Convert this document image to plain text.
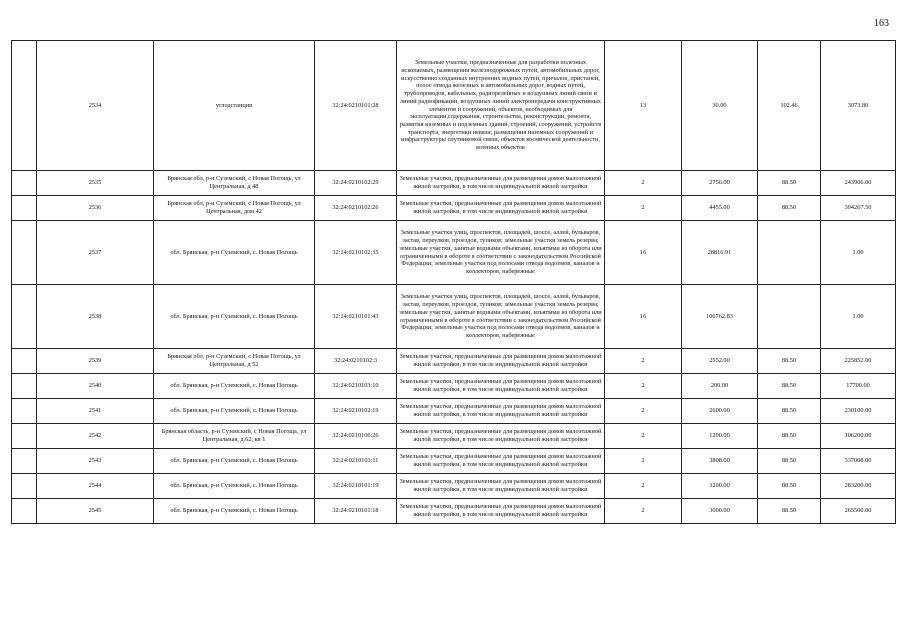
163
	2534	углодстанция	32:24:0210101:28	Земельные участки, предназначенные для разработки полезных ископаемых, размещения железнодорожных путей, автомобильных дорог, искусственно созданных внутренних водных путей, причалов, пристаней, полос отвода железных и автомобильных дорог, водных путей, трубопроводов, кабельных, радиорелейных и воздушных линий связи и линий радиофикации, воздушных линий электропередачи конструктивных элементов и сооружений, объектов, необходимых для эксплуатации,содержания, строительства, реконструкции, ремонта, развития наземных и подземных зданий, строений, сооружений, устройств транспорта, энергетики иевязи; размещения наземных сооружений и инфраструктуры спутниковой связи, объектов космической деятельности, военных объектов	13	30.00	102.46	3073.80
	2535	Брянская обл, р-н Суземский, с Новая Погощь, ул Центральная, д 48	32:24:0210102:29	Земельные участки, предназначенные для размещения домов малоэтажной жилой застройки, в том числе индивидуальной жилой застройки	2	2756.00	88.50	243906.00
	2536	Брянская обл, р-н Суземский, с Новая Погощь, ул Центральная, дом 42	32:24:0210102:26	Земельные участки, предназначенные для размещения домов малоэтажной жилой застройки, в том числе индивидуальной жилой застройки	2	4455.00	88.50	394267.50
	2537	обл. Брянская, р-н Суземский, с. Новая Погощь	32:24:0210102:35	Земельные участки улиц, проспектов, площадей, шоссе, аллей, бульваров, застав, переулков, проездов, тупиков; земельные участки земель резерва; земельные участки, занятые водными объектами, изъятыми из оборота или ограниченными в обороте в соответствии с законодательством Российской Федерации; земельные участки под полосами отвода водоемов, каналов и коллекторов, набережные	16	28816.91		1.00
	2538	обл. Брянская, р-н Суземский, с. Новая Погощь	32:24:0210101:43	Земельные участки улиц, проспектов, площадей, шоссе, аллей, бульваров, застав, переулков, проездов, тупиков; земельные участки земель резерва; земельные участки, занятые водными объектами, изъятыми из оборота или ограниченными в обороте в соответствии с законодательством Российской Федерации; земельные участки под полосами отвода водоемов, каналов и коллекторов, набережные	16	106762.83		1.00
	2539	Брянская обл, р-н Суземский, с Новая Погощь, ул Центральная, д 52	32:24:0210102:3	Земельные участки, предназначенные для размещения домов малоэтажной жилой застройки, в том числе индивидуальной жилой застройки	2	2552.00	88.50	225852.00
	2540	обл. Брянская, р-н Суземский, с. Новая Погощь	32:24:0210103:10	Земельные участки, предназначенные для размещения домов малоэтажной жилой застройки, в том числе индивидуальной жилой застройки	2	200.00	88.50	17700.00
	2541	обл. Брянская, р-н Суземский, с. Новая Погощь	32:24:0210102:19	Земельные участки, предназначенные для размещения домов малоэтажной жилой застройки, в том числе индивидуальной жилой застройки	2	2600.00	88.50	230100.00
	2542	Брянская область, р-н Суземский, с Новая Погощь, ул Центральная, д.62, кв 1	32:24:0210106:26	Земельные участки, предназначенные для размещения домов малоэтажной жилой застройки, в том числе индивидуальной жилой застройки	2	1200.00	88.50	106200.00
	2543	обл. Брянская, р-н Суземский, с. Новая Погощь	32:24:0210103:11	Земельные участки, предназначенные для размещения домов малоэтажной жилой застройки, в том числе индивидуальной жилой застройки	2	3808.00	88.50	337008.00
	2544	обл. Брянская, р-н Суземский, с. Новая Погощь	32:24:0210101:19	Земельные участки, предназначенные для размещения домов малоэтажной жилой застройки, в том числе индивидуальной жилой застройки	2	3200.00	88.50	283200.00
	2545	обл. Брянская, р-н Суземский, с. Новая Погощь	32:24:0210101:18	Земельные участки, предназначенные для размещения домов малоэтажной жилой застройки, в том числе индивидуальной жилой застройки	2	3000.00	88.50	265500.00
